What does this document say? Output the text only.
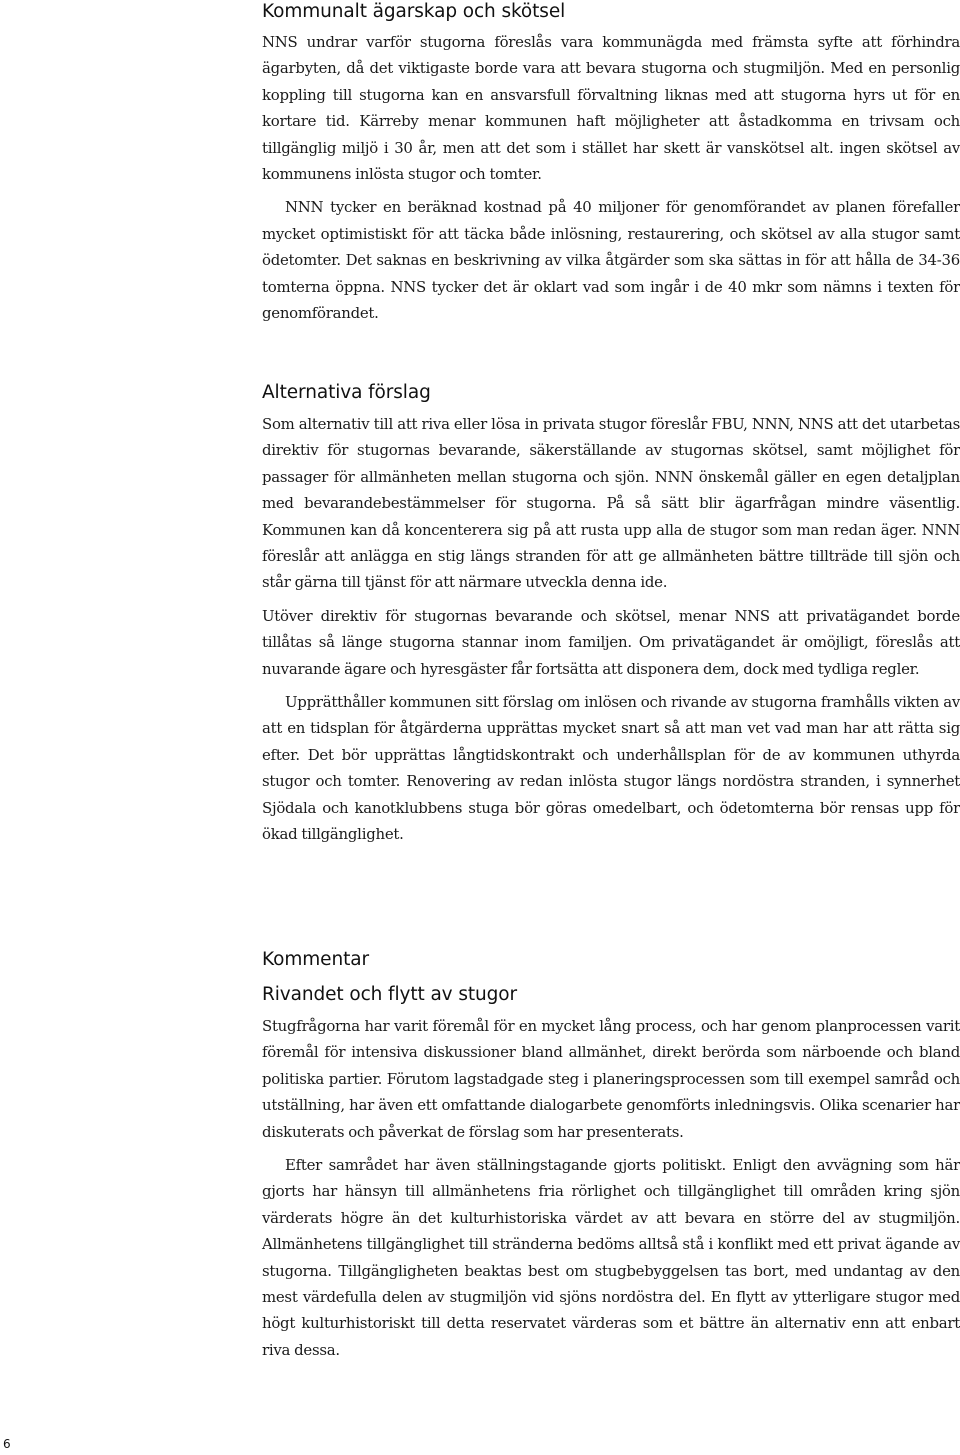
Kommunalt ägarskap och skötsel

NNS undrar varför stugorna föreslås vara kommunägda med främsta syfte att förhindra ägarbyten, då det viktigaste borde vara att bevara stugorna och stugmiljön. Med en personlig koppling till stugorna kan en ansvarsfull förvaltning liknas med att stugorna hyrs ut för en kortare tid. Kärreby menar kommunen haft möjligheter att åstadkomma en trivsam och tillgänglig miljö i 30 år, men att det som i stället har skett är vanskötsel alt. ingen skötsel av kommunens inlösta stugor och tomter.

NNN tycker en beräknad kostnad på 40 miljoner för genomförandet av planen förefaller mycket optimistiskt för att täcka både inlösning, restaurering, och skötsel av alla stugor samt ödetomter. Det saknas en beskrivning av vilka åtgärder som ska sättas in för att hålla de 34-36 tomterna öppna. NNS tycker det är oklart vad som ingår i de 40 mkr som nämns i texten för genomförandet.

Alternativa förslag

Som alternativ till att riva eller lösa in privata stugor föreslår FBU, NNN, NNS att det utarbetas direktiv för stugornas bevarande, säkerställande av stugornas skötsel, samt möjlighet för passager för allmänheten mellan stugorna och sjön. NNN önskemål gäller en egen detaljplan med bevarandebestämmelser för stugorna. På så sätt blir ägarfrågan mindre väsentlig. Kommunen kan då koncenterera sig på att rusta upp alla de stugor som man redan äger. NNN föreslår att anlägga en stig längs stranden för att ge allmänheten bättre tillträde till sjön och står gärna till tjänst för att närmare utveckla denna ide.

Utöver direktiv för stugornas bevarande och skötsel, menar NNS att privatägandet borde tillåtas så länge stugorna stannar inom familjen. Om privatägandet är omöjligt, föreslås att nuvarande ägare och hyresgäster får fortsätta att disponera dem, dock med tydliga regler.

Upprätthåller kommunen sitt förslag om inlösen och rivande av stugorna framhålls vikten av att en tidsplan för åtgärderna upprättas mycket snart så att man vet vad man har att rätta sig efter. Det bör upprättas långtidskontrakt och underhållsplan för de av kommunen uthyrda stugor och tomter. Renovering av redan inlösta stugor längs nordöstra stranden, i synnerhet Sjödala och kanotklubbens stuga bör göras omedelbart, och ödetomterna bör rensas upp för ökad tillgänglighet.

Kommentar
Rivandet och flytt av stugor

Stugfrågorna har varit föremål för en mycket lång process, och har genom planprocessen varit föremål för intensiva diskussioner bland allmänhet, direkt berörda som närboende och bland politiska partier. Förutom lagstadgade steg i planeringsprocessen som till exempel samråd och utställning, har även ett omfattande dialogarbete genomförts inledningsvis. Olika scenarier har diskuterats och påverkat de förslag som har presenterats.

Efter samrådet har även ställningstagande gjorts politiskt. Enligt den avvägning som här gjorts har hänsyn till allmänhetens fria rörlighet och tillgänglighet till områden kring sjön värderats högre än det kulturhistoriska värdet av att bevara en större del av stugmiljön. Allmänhetens tillgänglighet till stränderna bedöms alltså stå i konflikt med ett privat ägande av stugorna. Tillgängligheten beaktas best om stugbebyggelsen tas bort, med undantag av den mest värdefulla delen av stugmiljön vid sjöns nordöstra del. En flytt av ytterligare stugor med högt kulturhistoriskt till detta reservatet värderas som et bättre än alternativ enn att enbart riva dessa.

6
